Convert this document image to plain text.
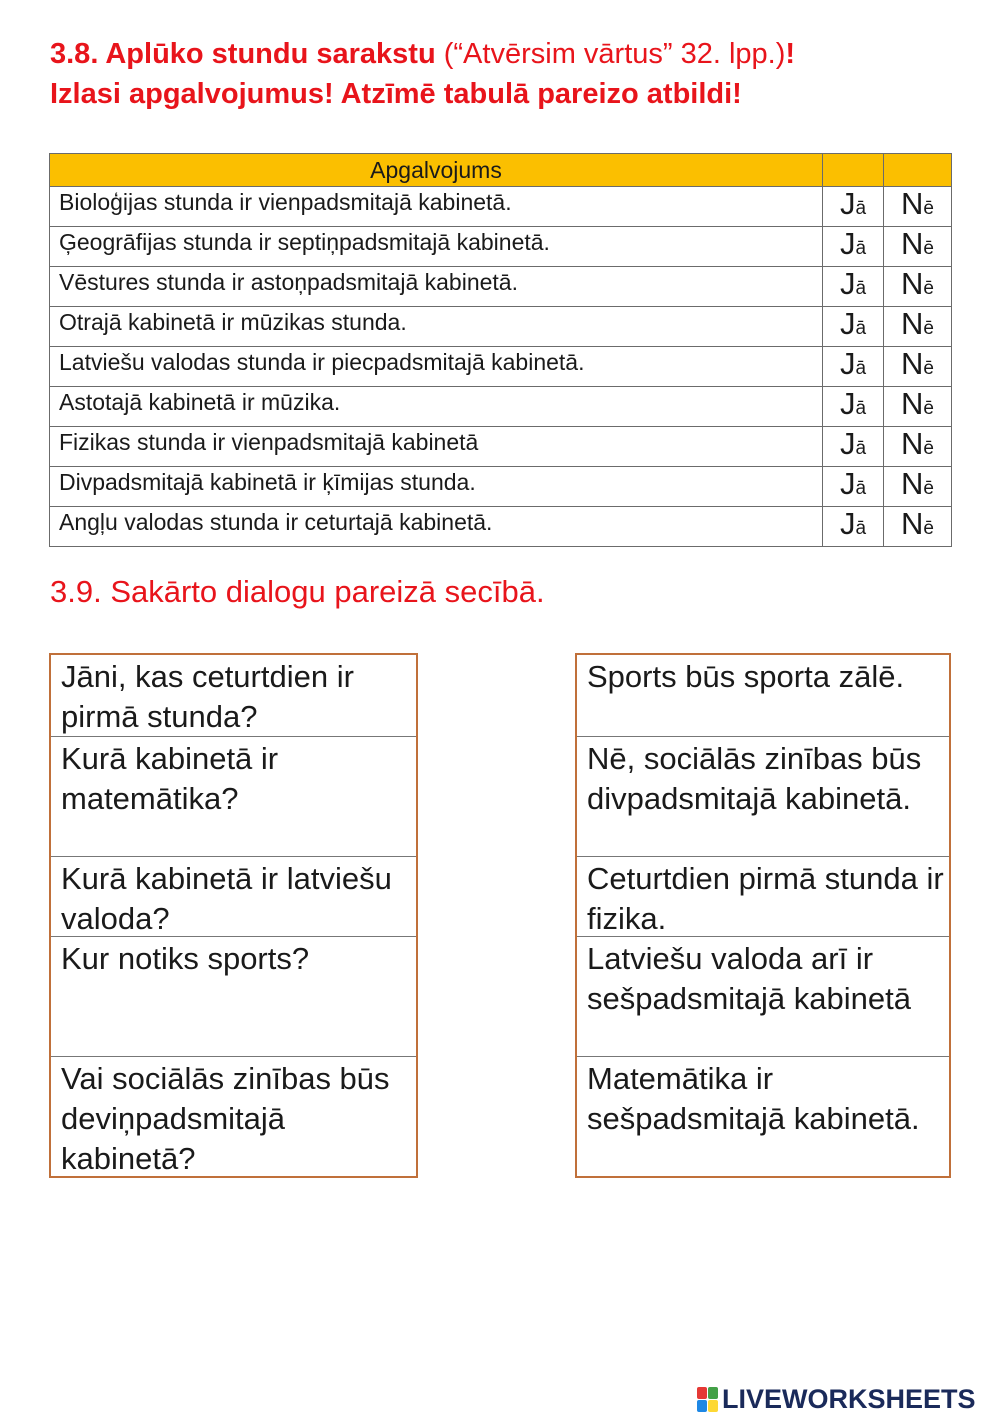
3.8. Aplūko stundu sarakstu (“Atvērsim vārtus” 32. lpp.)!
Izlasi apgalvojumus! Atzīmē tabulā pareizo atbildi!
Apgalvojums		
Bioloģijas stunda ir vienpadsmitajā kabinetā.	Jā	Nē
Ģeogrāfijas stunda ir septiņpadsmitajā kabinetā.	Jā	Nē
Vēstures stunda ir astoņpadsmitajā kabinetā.	Jā	Nē
Otrajā kabinetā ir mūzikas stunda.	Jā	Nē
Latviešu valodas stunda ir piecpadsmitajā kabinetā.	Jā	Nē
Astotajā kabinetā ir mūzika.	Jā	Nē
Fizikas stunda ir vienpadsmitajā kabinetā	Jā	Nē
Divpadsmitajā kabinetā ir ķīmijas stunda.	Jā	Nē
Angļu valodas stunda ir ceturtajā kabinetā.	Jā	Nē
3.9. Sakārto dialogu pareizā secībā.
Jāni, kas ceturtdien ir pirmā stunda?
Kurā kabinetā ir matemātika?
Kurā kabinetā ir latviešu valoda?
Kur notiks sports?
Vai sociālās zinības būs deviņpadsmitajā kabinetā?
Sports būs sporta zālē.
Nē, sociālās zinības būs divpadsmitajā kabinetā.
Ceturtdien pirmā stunda ir fizika.
Latviešu valoda arī ir sešpadsmitajā kabinetā
Matemātika ir sešpadsmitajā kabinetā.
LIVEWORKSHEETS
